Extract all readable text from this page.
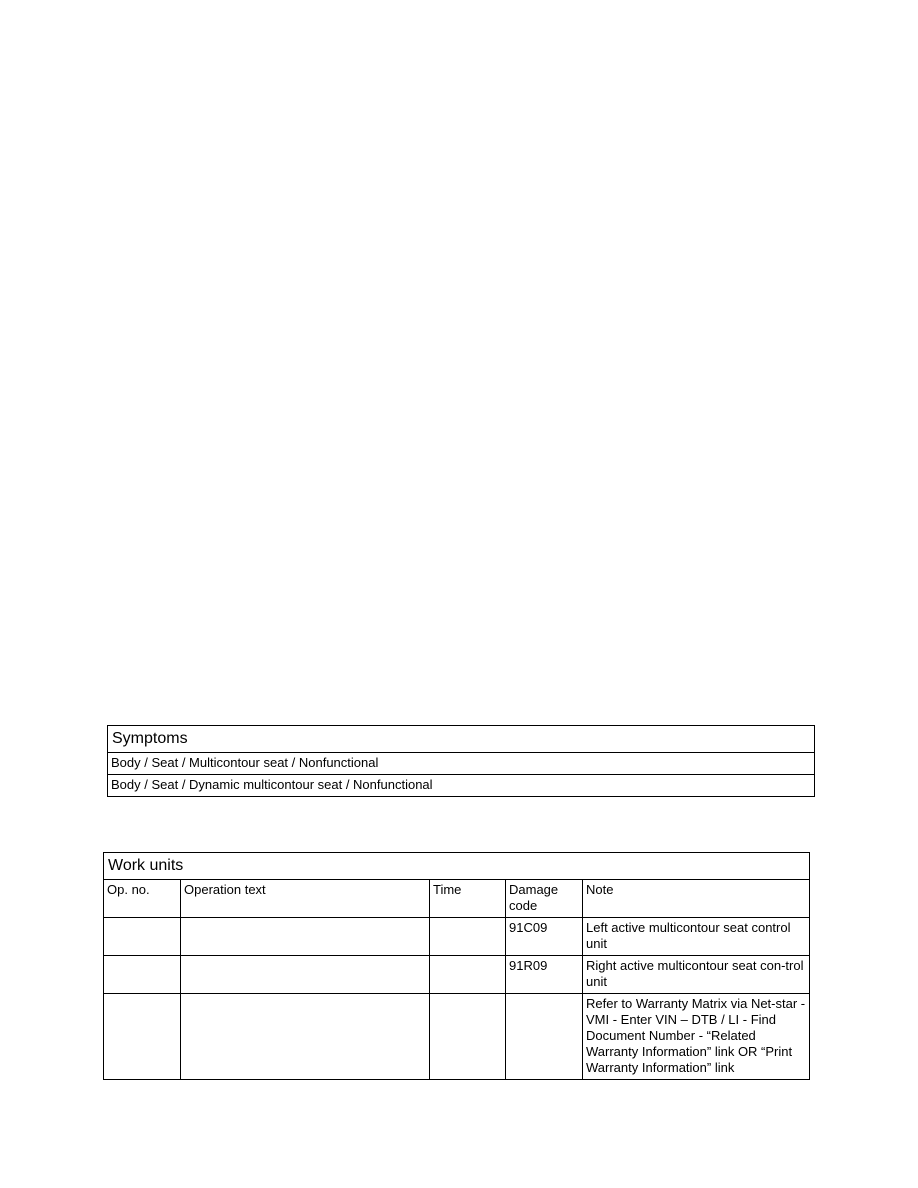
Symptoms
Body / Seat / Multicontour seat / Nonfunctional
Body / Seat / Dynamic multicontour seat / Nonfunctional
Work units				
Op. no.	Operation text	Time	Damage code	Note
			91C09	Left active multicontour seat control unit
			91R09	Right active multicontour seat con-trol unit
				Refer to Warranty Matrix via Net-star - VMI - Enter VIN – DTB / LI - Find Document Number - “Related Warranty Information” link OR “Print Warranty Information” link
